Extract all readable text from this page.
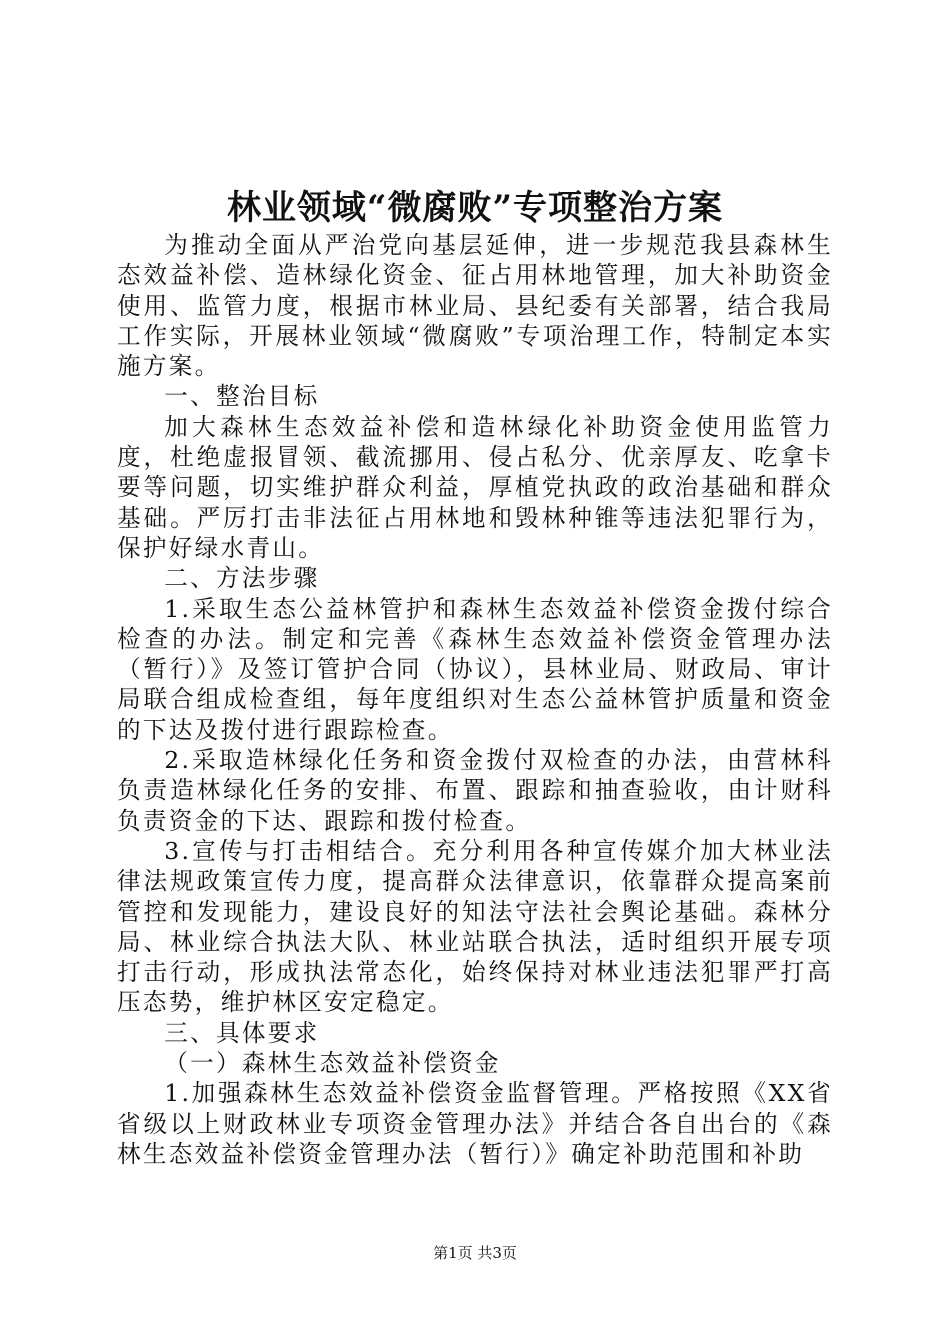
林业领域“微腐败”专项整治方案

为推动全面从严治党向基层延伸，进一步规范我县森林生态效益补偿、造林绿化资金、征占用林地管理，加大补助资金使用、监管力度，根据市林业局、县纪委有关部署，结合我局工作实际，开展林业领域“微腐败”专项治理工作，特制定本实施方案。

一、整治目标

加大森林生态效益补偿和造林绿化补助资金使用监管力度，杜绝虚报冒领、截流挪用、侵占私分、优亲厚友、吃拿卡要等问题，切实维护群众利益，厚植党执政的政治基础和群众基础。严厉打击非法征占用林地和毁林种锥等违法犯罪行为，保护好绿水青山。

二、方法步骤

1.采取生态公益林管护和森林生态效益补偿资金拨付综合检查的办法。制定和完善《森林生态效益补偿资金管理办法（暂行）》及签订管护合同（协议），县林业局、财政局、审计局联合组成检查组，每年度组织对生态公益林管护质量和资金的下达及拨付进行跟踪检查。

2.采取造林绿化任务和资金拨付双检查的办法，由营林科负责造林绿化任务的安排、布置、跟踪和抽查验收，由计财科负责资金的下达、跟踪和拨付检查。

3.宣传与打击相结合。充分利用各种宣传媒介加大林业法律法规政策宣传力度，提高群众法律意识，依靠群众提高案前管控和发现能力，建设良好的知法守法社会舆论基础。森林分局、林业综合执法大队、林业站联合执法，适时组织开展专项打击行动，形成执法常态化，始终保持对林业违法犯罪严打高压态势，维护林区安定稳定。

三、具体要求

（一）森林生态效益补偿资金

1.加强森林生态效益补偿资金监督管理。严格按照《XX省省级以上财政林业专项资金管理办法》并结合各自出台的《森林生态效益补偿资金管理办法（暂行）》确定补助范围和补助

第1页 共3页
